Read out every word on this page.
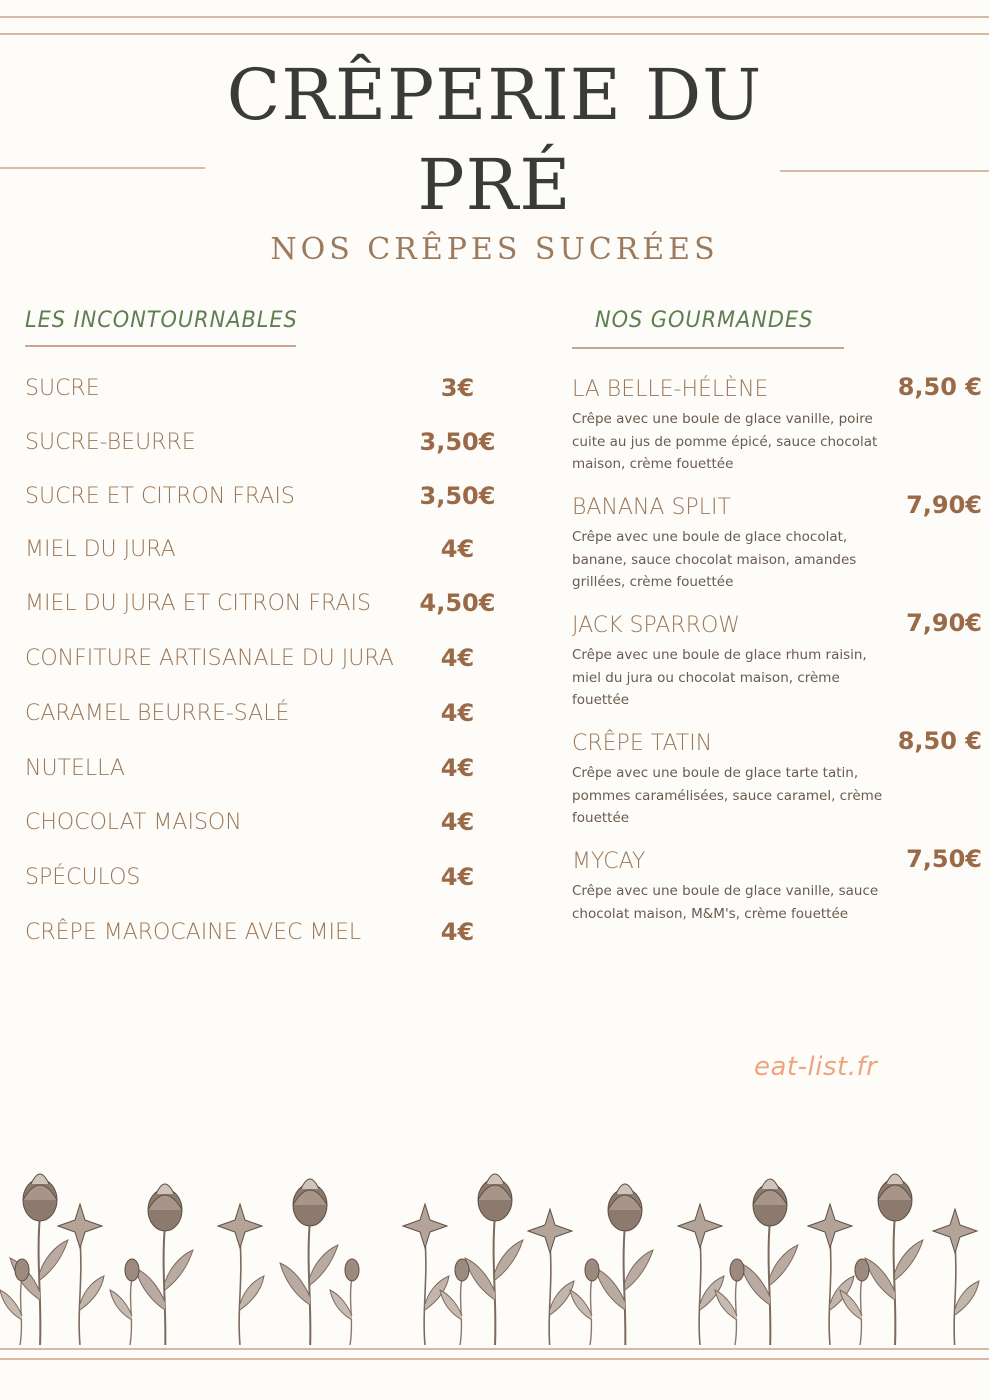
CRÊPERIE DU
PRÉ
NOS CRÊPES SUCRÉES
LES INCONTOURNABLES
SUCRE	3€
SUCRE-BEURRE	3,50€
SUCRE ET CITRON FRAIS	3,50€
MIEL DU JURA	4€
MIEL DU JURA ET CITRON FRAIS	4,50€
CONFITURE ARTISANALE DU JURA	4€
CARAMEL BEURRE-SALÉ	4€
NUTELLA	4€
CHOCOLAT MAISON	4€
SPÉCULOS	4€
CRÊPE MAROCAINE AVEC MIEL	4€
NOS GOURMANDES
LA BELLE-HÉLÈNE	8,50 €
Crêpe avec une boule de glace vanille, poire cuite au jus de pomme épicé, sauce chocolat maison, crème fouettée
BANANA SPLIT	7,90€
Crêpe avec une boule de glace chocolat, banane, sauce chocolat maison, amandes grillées, crème fouettée
JACK SPARROW	7,90€
Crêpe avec une boule de glace rhum raisin, miel du jura ou chocolat maison, crème fouettée
CRÊPE TATIN	8,50 €
Crêpe avec une boule de glace tarte tatin, pommes caramélisées, sauce caramel, crème fouettée
MYCAY	7,50€
Crêpe avec une boule de glace vanille, sauce chocolat maison, M&M's, crème fouettée
eat-list.fr
